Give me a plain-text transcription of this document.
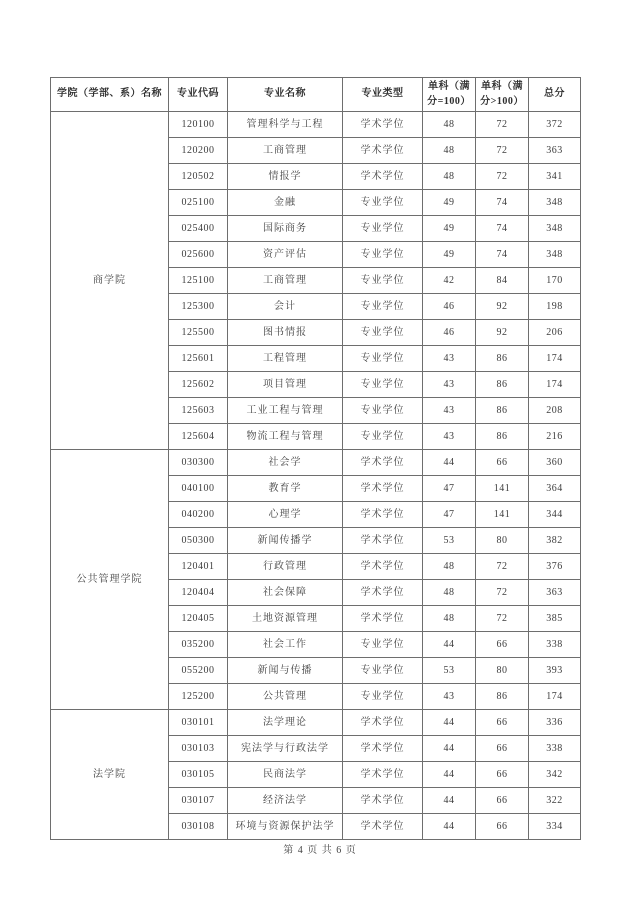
学院（学部、系）名称	专业代码	专业名称	专业类型	单科（满分=100）	单科（满分>100）	总分
商学院	120100	管理科学与工程	学术学位	48	72	372
	120200	工商管理	学术学位	48	72	363
	120502	情报学	学术学位	48	72	341
	025100	金融	专业学位	49	74	348
	025400	国际商务	专业学位	49	74	348
	025600	资产评估	专业学位	49	74	348
	125100	工商管理	专业学位	42	84	170
	125300	会计	专业学位	46	92	198
	125500	图书情报	专业学位	46	92	206
	125601	工程管理	专业学位	43	86	174
	125602	项目管理	专业学位	43	86	174
	125603	工业工程与管理	专业学位	43	86	208
	125604	物流工程与管理	专业学位	43	86	216
公共管理学院	030300	社会学	学术学位	44	66	360
	040100	教育学	学术学位	47	141	364
	040200	心理学	学术学位	47	141	344
	050300	新闻传播学	学术学位	53	80	382
	120401	行政管理	学术学位	48	72	376
	120404	社会保障	学术学位	48	72	363
	120405	土地资源管理	学术学位	48	72	385
	035200	社会工作	专业学位	44	66	338
	055200	新闻与传播	专业学位	53	80	393
	125200	公共管理	专业学位	43	86	174
法学院	030101	法学理论	学术学位	44	66	336
	030103	宪法学与行政法学	学术学位	44	66	338
	030105	民商法学	学术学位	44	66	342
	030107	经济法学	学术学位	44	66	322
	030108	环境与资源保护法学	学术学位	44	66	334
第 4 页 共 6 页
